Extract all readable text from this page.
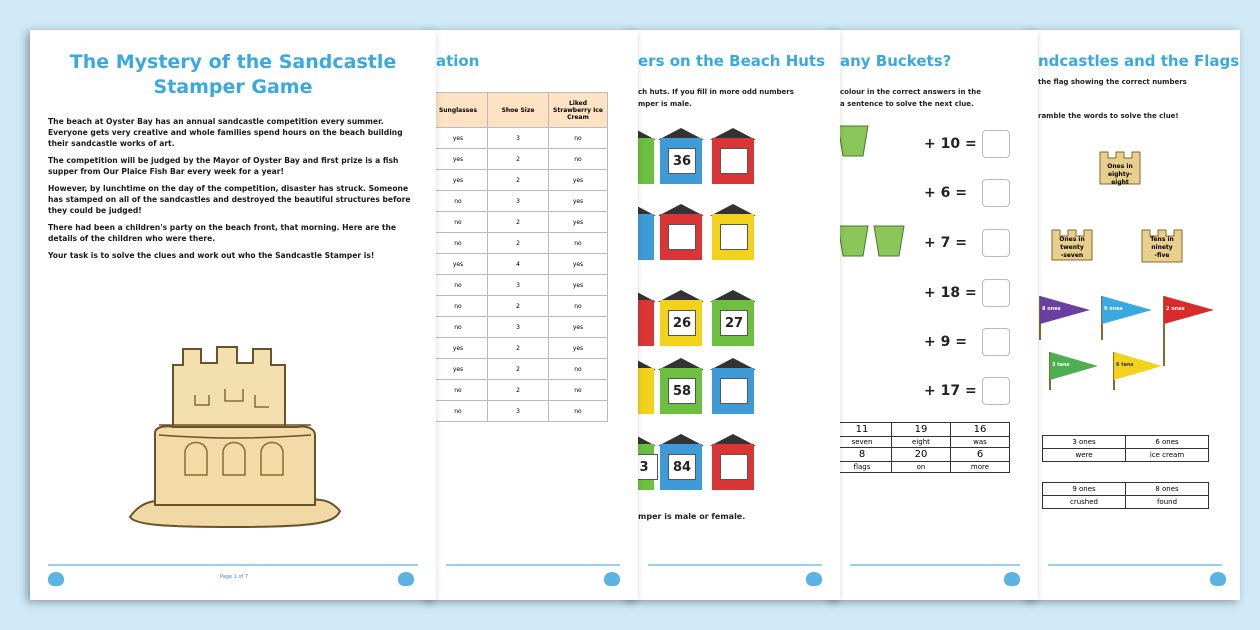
ndcastles and the Flags
the flag showing the correct numbers
ramble the words to solve the clue!
Ones in
eighty-
eight
Ones in
twenty
-seven
Tens in
ninety
-five
8 ones	9 ones	2 ones
3 tens	6 tens
3 ones	6 ones
were	ice cream
9 ones	8 ones
crushed	found
any Buckets?
colour in the correct answers in the
a sentence to solve the next clue.
+ 10 =
+ 6 =
+ 7 =
+ 18 =
+ 9 =
+ 17 =
11	19	16
seven	eight	was
8	20	6
flags	on	more
ers on the Beach Huts
ch huts. If you fill in more odd numbers
mper is male.
36
26	27
58
3	84
mper is male or female.
ation
Sunglasses	Shoe Size	Liked Strawberry Ice Cream
yes	3	no
yes	2	no
yes	2	yes
no	3	yes
no	2	yes
no	2	no
yes	4	yes
no	3	yes
no	2	no
no	3	yes
yes	2	yes
yes	2	no
no	2	no
no	3	no
The Mystery of the Sandcastle Stamper Game

The beach at Oyster Bay has an annual sandcastle competition every summer. Everyone gets very creative and whole families spend hours on the beach building their sandcastle works of art.

The competition will be judged by the Mayor of Oyster Bay and first prize is a fish supper from Our Plaice Fish Bar every week for a year!

However, by lunchtime on the day of the competition, disaster has struck. Someone has stamped on all of the sandcastles and destroyed the beautiful structures before they could be judged!

There had been a children's party on the beach front, that morning. Here are the details of the children who were there.

Your task is to solve the clues and work out who the Sandcastle Stamper is!

Page 1 of 7
